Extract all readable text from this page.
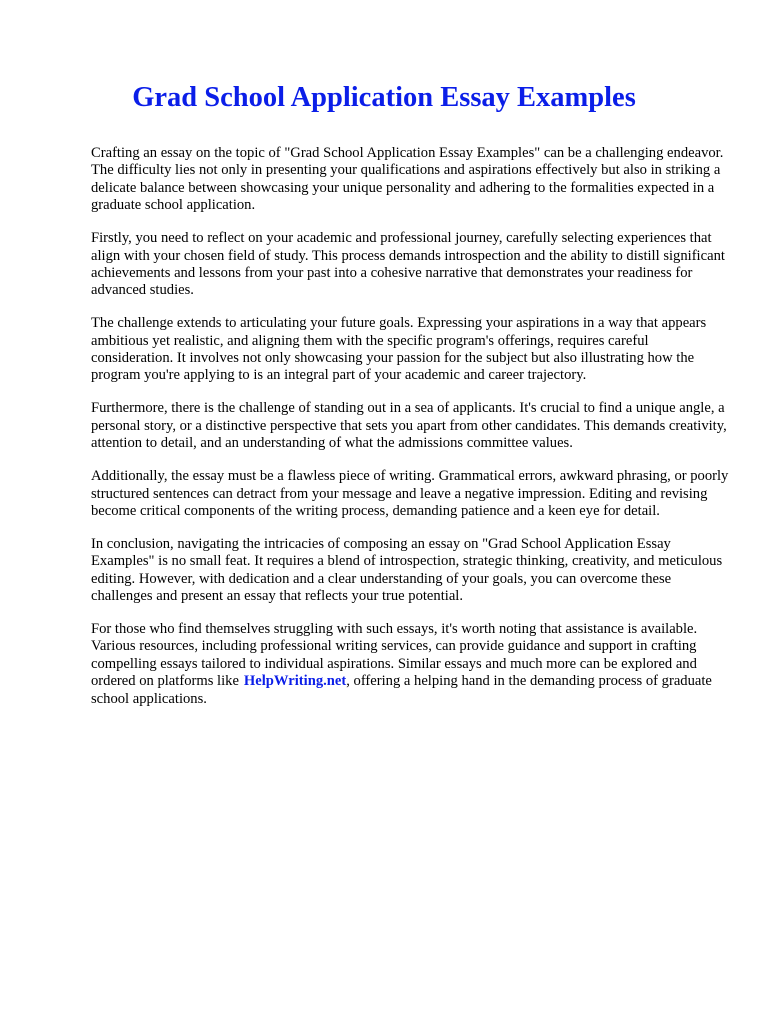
Grad School Application Essay Examples

Crafting an essay on the topic of "Grad School Application Essay Examples" can be a challenging endeavor. The difficulty lies not only in presenting your qualifications and aspirations effectively but also in striking a delicate balance between showcasing your unique personality and adhering to the formalities expected in a graduate school application.

Firstly, you need to reflect on your academic and professional journey, carefully selecting experiences that align with your chosen field of study. This process demands introspection and the ability to distill significant achievements and lessons from your past into a cohesive narrative that demonstrates your readiness for advanced studies.

The challenge extends to articulating your future goals. Expressing your aspirations in a way that appears ambitious yet realistic, and aligning them with the specific program's offerings, requires careful consideration. It involves not only showcasing your passion for the subject but also illustrating how the program you're applying to is an integral part of your academic and career trajectory.

Furthermore, there is the challenge of standing out in a sea of applicants. It's crucial to find a unique angle, a personal story, or a distinctive perspective that sets you apart from other candidates. This demands creativity, attention to detail, and an understanding of what the admissions committee values.

Additionally, the essay must be a flawless piece of writing. Grammatical errors, awkward phrasing, or poorly structured sentences can detract from your message and leave a negative impression. Editing and revising become critical components of the writing process, demanding patience and a keen eye for detail.

In conclusion, navigating the intricacies of composing an essay on "Grad School Application Essay Examples" is no small feat. It requires a blend of introspection, strategic thinking, creativity, and meticulous editing. However, with dedication and a clear understanding of your goals, you can overcome these challenges and present an essay that reflects your true potential.

For those who find themselves struggling with such essays, it's worth noting that assistance is available. Various resources, including professional writing services, can provide guidance and support in crafting compelling essays tailored to individual aspirations. Similar essays and much more can be explored and ordered on platforms like HelpWriting.net, offering a helping hand in the demanding process of graduate school applications.
